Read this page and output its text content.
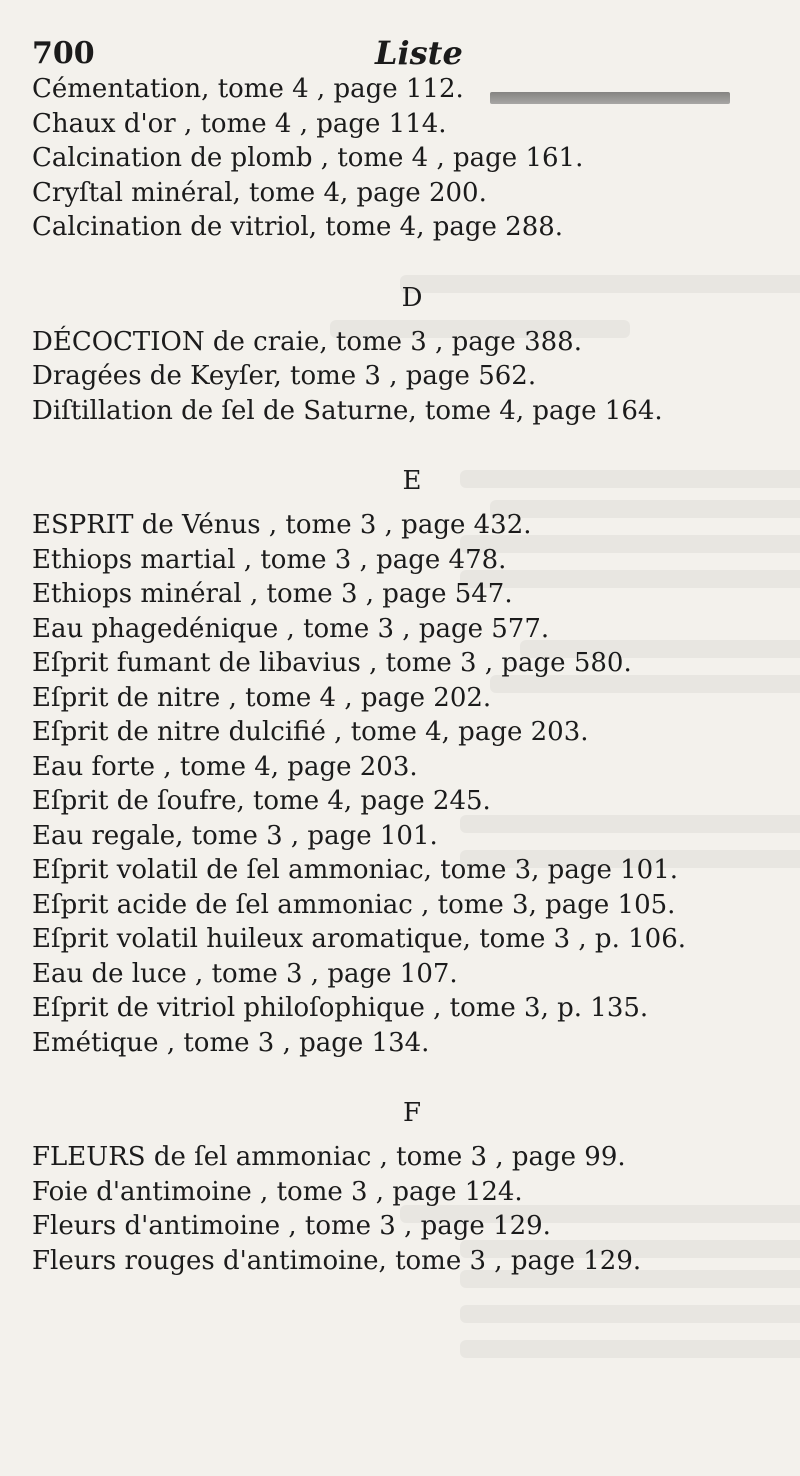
700	Liste
Cémentation, tome 4 , page 112.
Chaux d'or , tome 4 , page 114.
Calcination de plomb , tome 4 , page 161.
Cryſtal minéral, tome 4, page 200.
Calcination de vitriol, tome 4, page 288.
D
DÉCOCTION de craie, tome 3 , page 388.
Dragées de Keyſer, tome 3 , page 562.
Diſtillation de ſel de Saturne, tome 4, page 164.
E
ESPRIT de Vénus , tome 3 , page 432.
Ethiops martial , tome 3 , page 478.
Ethiops minéral , tome 3 , page 547.
Eau phagedénique , tome 3 , page 577.
Eſprit fumant de libavius , tome 3 , page 580.
Eſprit de nitre , tome 4 , page 202.
Eſprit de nitre dulcifié , tome 4, page 203.
Eau forte , tome 4, page 203.
Eſprit de ſoufre, tome 4, page 245.
Eau regale, tome 3 , page 101.
Eſprit volatil de ſel ammoniac, tome 3, page 101.
Eſprit acide de ſel ammoniac , tome 3, page 105.
Eſprit volatil huileux aromatique, tome 3 , p. 106.
Eau de luce , tome 3 , page 107.
Eſprit de vitriol philoſophique , tome 3, p. 135.
Emétique , tome 3 , page 134.
F
FLEURS de ſel ammoniac , tome 3 , page 99.
Foie d'antimoine , tome 3 , page 124.
Fleurs d'antimoine , tome 3 , page 129.
Fleurs rouges d'antimoine, tome 3 , page 129.
